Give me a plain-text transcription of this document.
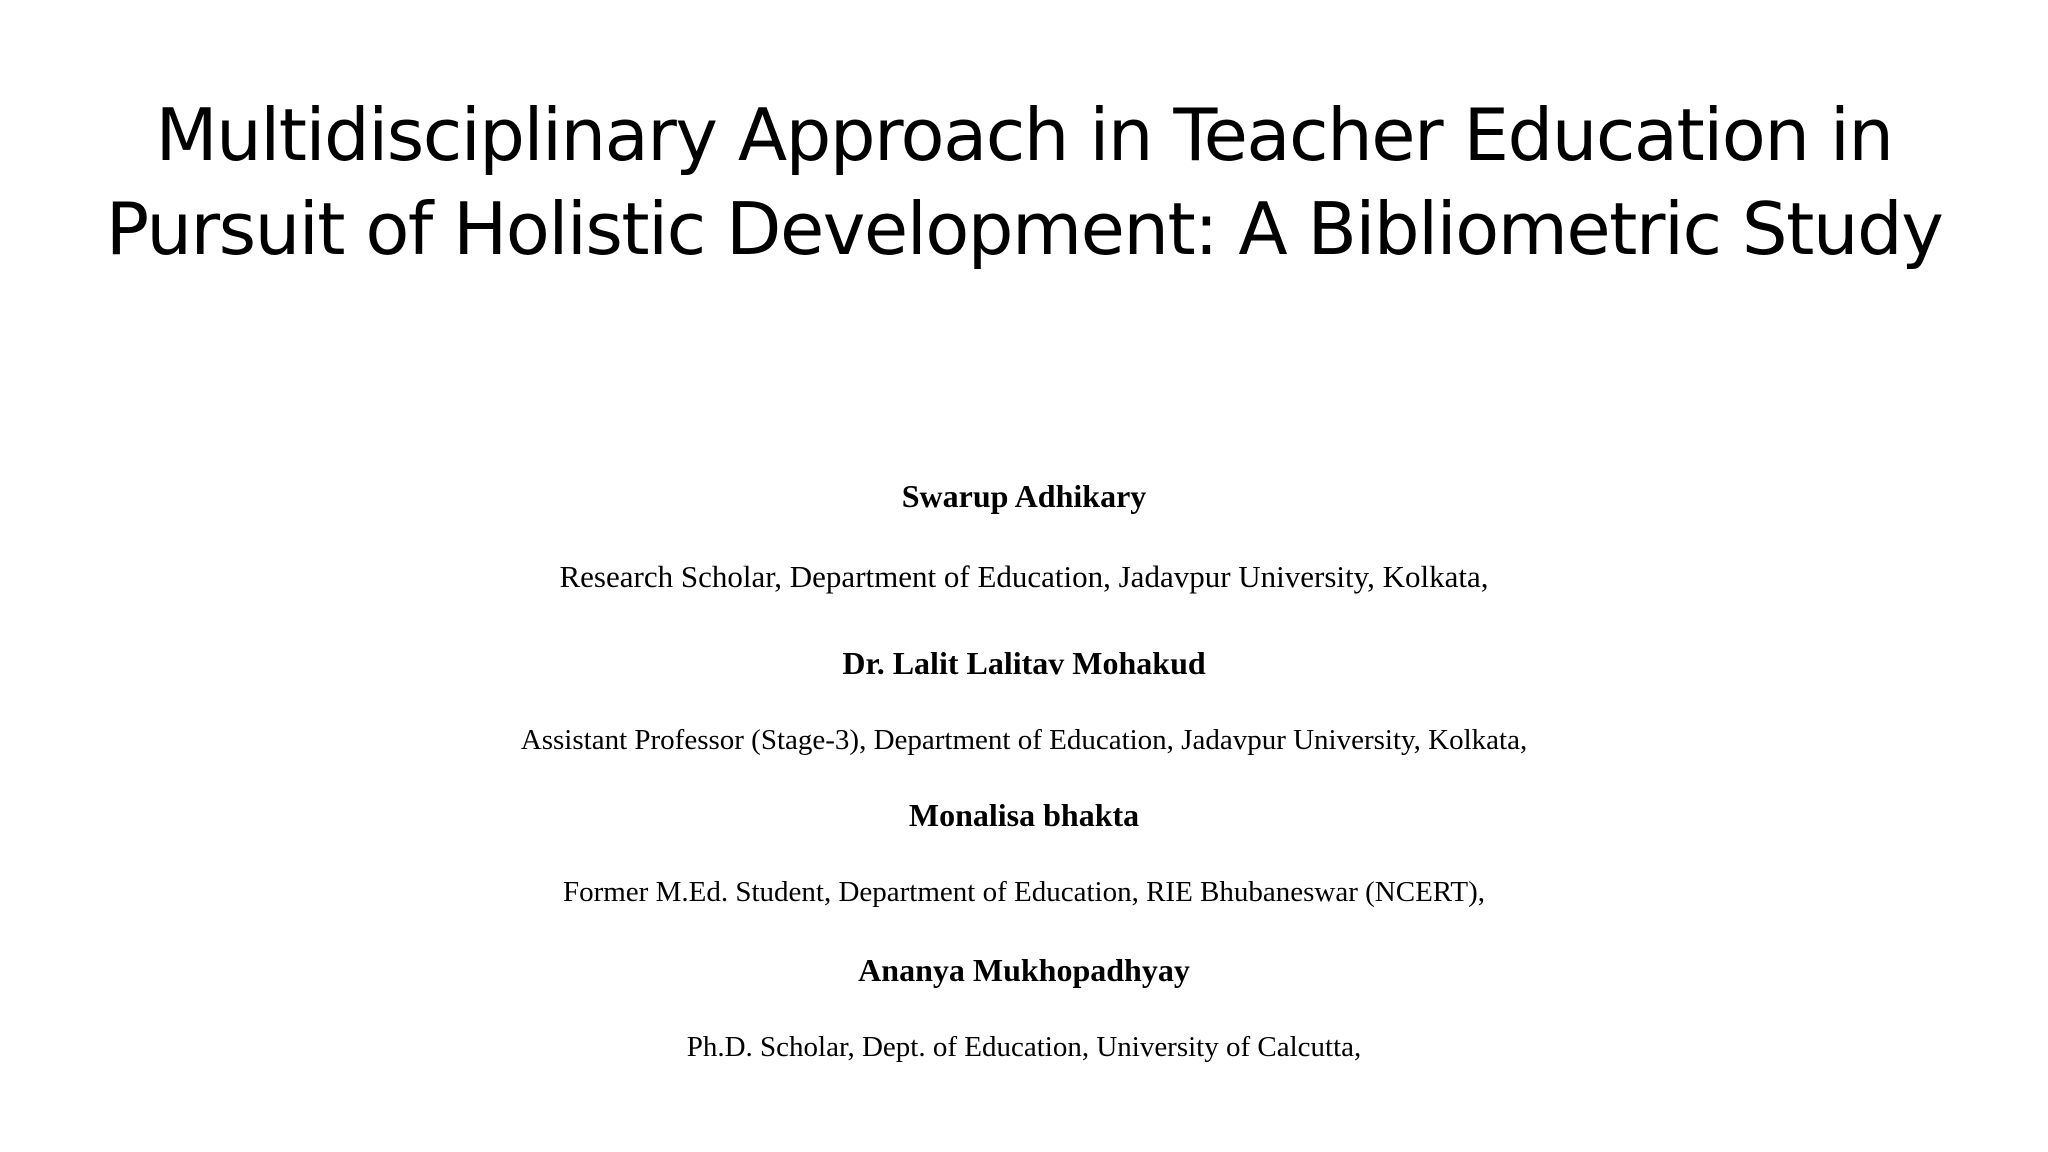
Multidisciplinary Approach in Teacher Education in
Pursuit of Holistic Development: A Bibliometric Study
Swarup Adhikary
Research Scholar, Department of Education, Jadavpur University, Kolkata,
Dr. Lalit Lalitav Mohakud
Assistant Professor (Stage-3), Department of Education, Jadavpur University, Kolkata,
Monalisa bhakta
Former M.Ed. Student, Department of Education, RIE Bhubaneswar (NCERT),
Ananya Mukhopadhyay
Ph.D. Scholar, Dept. of Education, University of Calcutta,
